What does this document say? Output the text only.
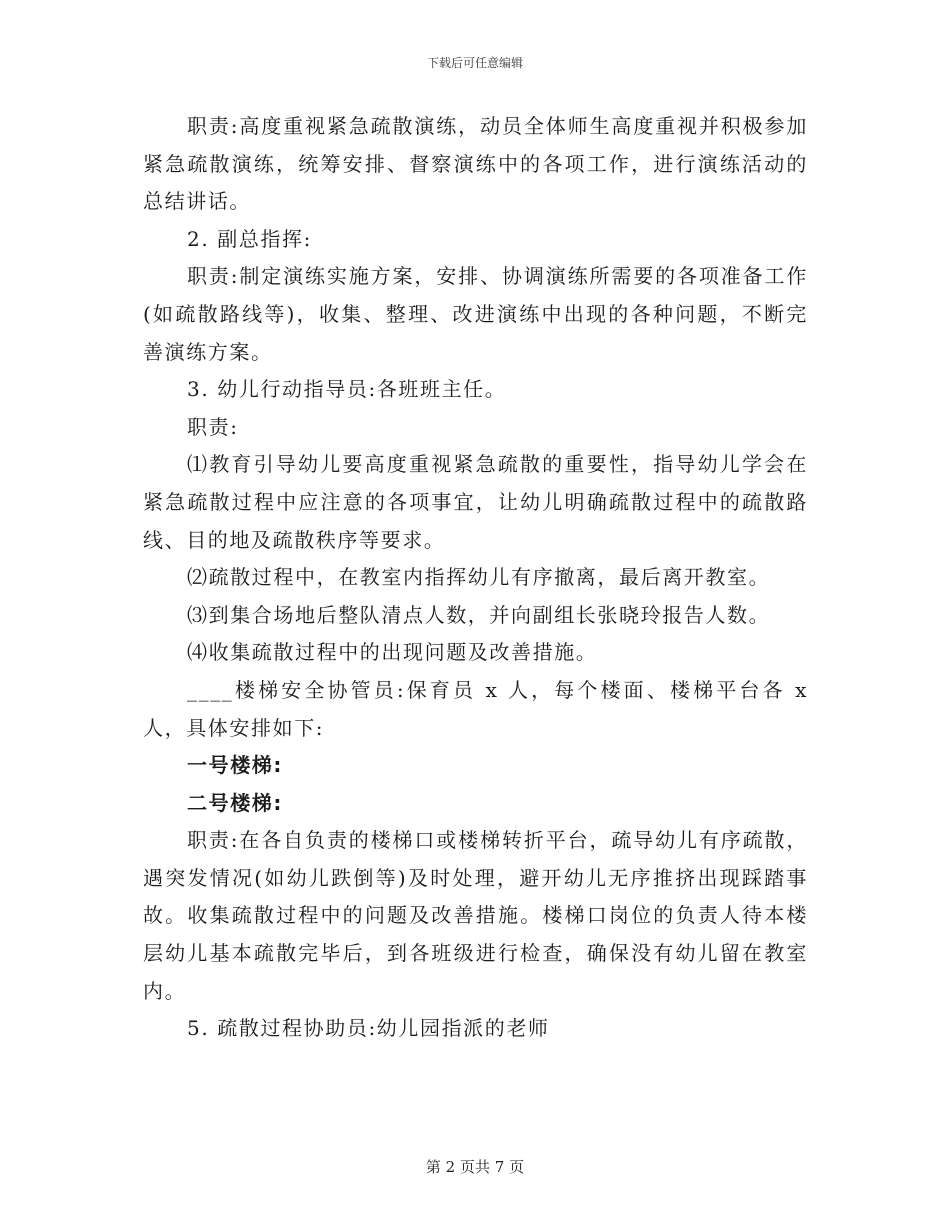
下载后可任意编辑

职责:高度重视紧急疏散演练，动员全体师生高度重视并积极参加紧急疏散演练，统筹安排、督察演练中的各项工作，进行演练活动的总结讲话。

2. 副总指挥:

职责:制定演练实施方案，安排、协调演练所需要的各项准备工作(如疏散路线等)，收集、整理、改进演练中出现的各种问题，不断完善演练方案。

3. 幼儿行动指导员:各班班主任。

职责:

⑴教育引导幼儿要高度重视紧急疏散的重要性，指导幼儿学会在紧急疏散过程中应注意的各项事宜，让幼儿明确疏散过程中的疏散路线、目的地及疏散秩序等要求。

⑵疏散过程中，在教室内指挥幼儿有序撤离，最后离开教室。

⑶到集合场地后整队清点人数，并向副组长张晓玲报告人数。

⑷收集疏散过程中的出现问题及改善措施。

____楼梯安全协管员:保育员 x 人，每个楼面、楼梯平台各 x 人，具体安排如下:

一号楼梯:

二号楼梯:

职责:在各自负责的楼梯口或楼梯转折平台，疏导幼儿有序疏散，遇突发情况(如幼儿跌倒等)及时处理，避开幼儿无序推挤出现踩踏事故。收集疏散过程中的问题及改善措施。楼梯口岗位的负责人待本楼层幼儿基本疏散完毕后，到各班级进行检查，确保没有幼儿留在教室内。

5. 疏散过程协助员:幼儿园指派的老师

第 2 页共 7 页
